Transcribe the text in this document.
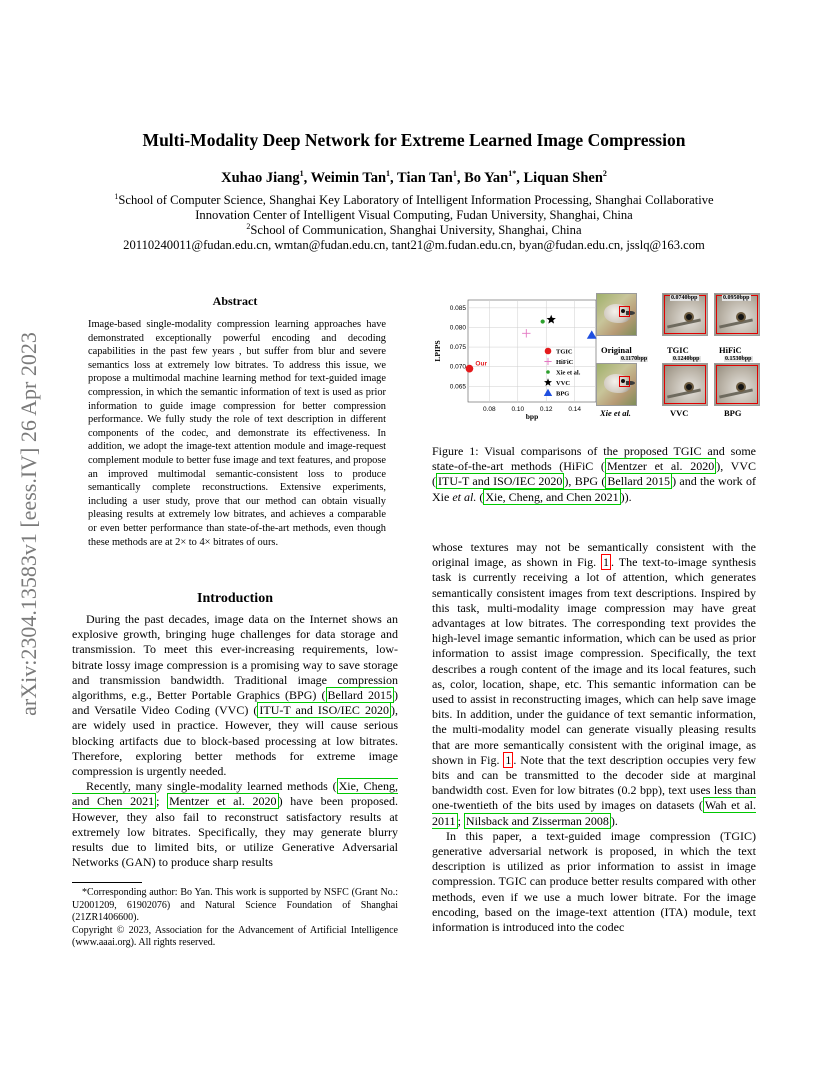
arXiv:2304.13583v1 [eess.IV] 26 Apr 2023
Multi-Modality Deep Network for Extreme Learned Image Compression
Xuhao Jiang$^1$, Weimin Tan$^1$, Tian Tan$^1$, Bo Yan$^{1*}$, Liquan Shen$^2$
$^1$School of Computer Science, Shanghai Key Laboratory of Intelligent Information Processing, Shanghai Collaborative
Innovation Center of Intelligent Visual Computing, Fudan University, Shanghai, China
$^2$School of Communication, Shanghai University, Shanghai, China
20110240011@fudan.edu.cn, wmtan@fudan.edu.cn, tant21@m.fudan.edu.cn, byan@fudan.edu.cn, jsslq@163.com
Abstract
Image-based single-modality compression learning approaches have demonstrated exceptionally powerful encoding and decoding capabilities in the past few years , but suffer from blur and severe semantics loss at extremely low bitrates. To address this issue, we propose a multimodal machine learning method for text-guided image compression, in which the semantic information of text is used as prior information to guide image compression for better compression performance. We fully study the role of text description in different components of the codec, and demonstrate its effectiveness. In addition, we adopt the image-text attention module and image-request complement module to better fuse image and text features, and propose an improved multimodal semantic-consistent loss to produce semantically complete reconstructions. Extensive experiments, including a user study, prove that our method can obtain visually pleasing results at extremely low bitrates, and achieves a comparable or even better performance than state-of-the-art methods, even though these methods are at 2× to 4× bitrates of ours.
Introduction

During the past decades, image data on the Internet shows an explosive growth, bringing huge challenges for data storage and transmission. To meet this ever-increasing requirements, low-bitrate lossy image compression is a promising way to save storage and transmission bandwidth. Traditional image compression algorithms, e.g., Better Portable Graphics (BPG) ( Bellard 2015 ) and Versatile Video Coding (VVC) ( ITU-T and ISO/IEC 2020 ), are widely used in practice. However, they will cause serious blocking artifacts due to block-based processing at low bitrates. Therefore, exploring better methods for extreme image compression is urgently needed.

Recently, many single-modality learned methods ( Xie, Cheng, and Chen 2021 ; Mentzer et al. 2020 ) have been proposed. However, they also fail to reconstruct satisfactory results at extremely low bitrates. Specifically, they may generate blurry results due to limited bits, or utilize Generative Adversarial Networks (GAN) to produce sharp results

*Corresponding author: Bo Yan. This work is supported by NSFC (Grant No.: U2001209, 61902076) and Natural Science Foundation of Shanghai (21ZR1406600).

Copyright © 2023, Association for the Advancement of Artificial Intelligence (www.aaai.org). All rights reserved.

0.08 0.10 0.12 0.14
0.085
0.080
0.075
0.070
0.065
bpp
LPIPS
Our
TGIC
HiFiC
Xie et al.
VVC
BPG
Original	TGIC	HiFiC
Xie et al.	VVC	BPG
0.1170bpp	0.1240bpp	0.1530bpp
0.0740bpp	0.0950bpp
Figure 1: Visual comparisons of the proposed TGIC and some state-of-the-art methods (HiFiC ( Mentzer et al. 2020 ), VVC ( ITU-T and ISO/IEC 2020 ), BPG ( Bellard 2015 ) and the work of Xie et al. ( Xie, Cheng, and Chen 2021 )).

whose textures may not be semantically consistent with the original image, as shown in Fig. 1 . The text-to-image synthesis task is currently receiving a lot of attention, which generates semantically consistent images from text descriptions. Inspired by this task, multi-modality image compression may have great advantages at low bitrates. The corresponding text provides the high-level image semantic information, which can be used as prior information to assist image compression. Specifically, the text describes a rough content of the image and its local features, such as, color, location, shape, etc. This semantic information can be used to assist in reconstructing images, which can help save image bits. In addition, under the guidance of text semantic information, the multi-modality model can generate visually pleasing results that are more semantically consistent with the original image, as shown in Fig. 1 . Note that the text description occupies very few bits and can be transmitted to the decoder side at marginal bandwidth cost. Even for low bitrates (0.2 bpp), text uses less than one-twentieth of the bits used by images on datasets ( Wah et al. 2011 ; Nilsback and Zisserman 2008 ).

In this paper, a text-guided image compression (TGIC) generative adversarial network is proposed, in which the text description is utilized as prior information to assist in image compression. TGIC can produce better results compared with other methods, even if we use a much lower bitrate. For the image encoding, based on the image-text attention (ITA) module, text information is introduced into the codec
